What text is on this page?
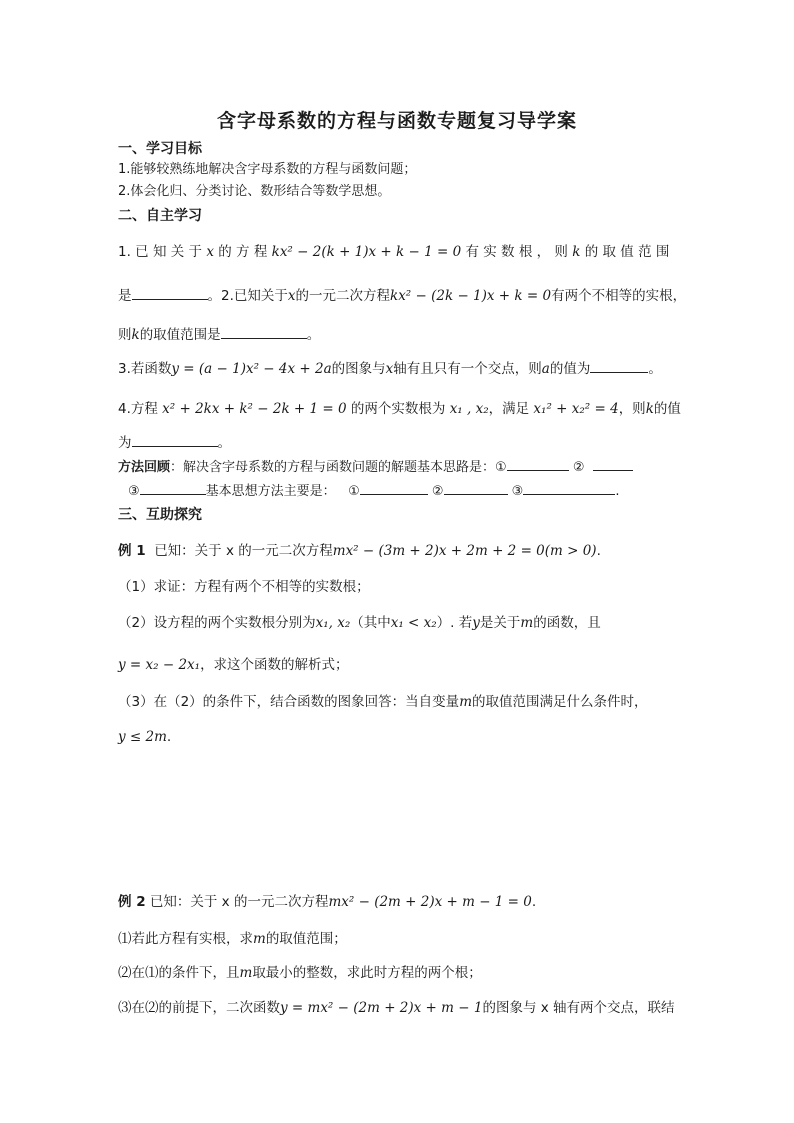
含字母系数的方程与函数专题复习导学案
一、学习目标
1.能够较熟练地解决含字母系数的方程与函数问题；
2.体会化归、分类讨论、数形结合等数学思想。
二、自主学习
1. 已 知 关 于 x 的 方 程 kx² − 2(k + 1)x + k − 1 = 0 有 实 数 根 ， 则 k 的 取 值 范 围
是	。2.已知关于x的一元二次方程kx² − (2k − 1)x + k = 0有两个不相等的实根，
则k的取值范围是	。
3.若函数y = (a − 1)x² − 4x + 2a的图象与x轴有且只有一个交点，则a的值为	。
4.方程 x² + 2kx + k² − 2k + 1 = 0 的两个实数根为 x₁ , x₂，满足 x₁² + x₂² = 4，则k的值
为	。
方法回顾：解决含字母系数的方程与函数问题的解题基本思路是：①	②
③	基本思想方法主要是： ①	②	③	.
三、互助探究
例 1 已知：关于 x 的一元二次方程mx² − (3m + 2)x + 2m + 2 = 0(m > 0).
（1）求证：方程有两个不相等的实数根；
（2）设方程的两个实数根分别为x₁, x₂（其中x₁ < x₂）. 若y是关于m的函数，且
y = x₂ − 2x₁，求这个函数的解析式；
（3）在（2）的条件下，结合函数的图象回答：当自变量m的取值范围满足什么条件时，
y ≤ 2m.
例 2 已知：关于 x 的一元二次方程mx² − (2m + 2)x + m − 1 = 0.
⑴若此方程有实根，求m的取值范围；
⑵在⑴的条件下，且m取最小的整数，求此时方程的两个根；
⑶在⑵的前提下，二次函数y = mx² − (2m + 2)x + m − 1的图象与 x 轴有两个交点，联结
